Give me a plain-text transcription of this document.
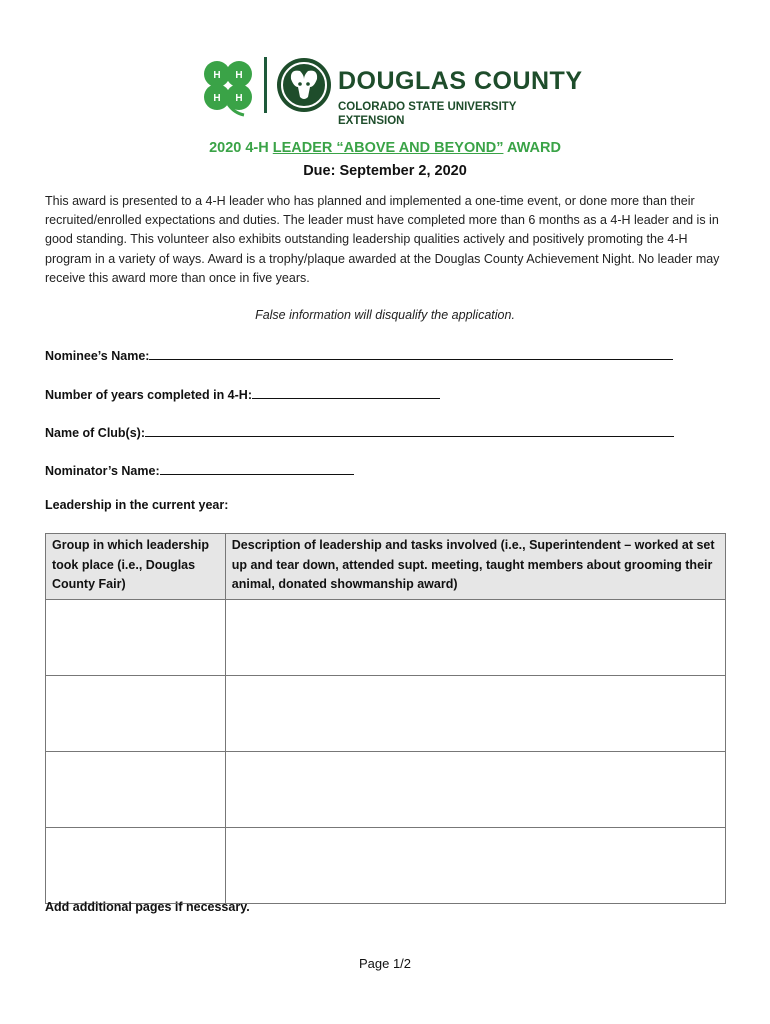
H H
H H
DOUGLAS COUNTY
COLORADO STATE UNIVERSITY
EXTENSION
2020 4-H LEADER “ABOVE AND BEYOND” AWARD
Due: September 2, 2020
This award is presented to a 4-H leader who has planned and implemented a one-time event, or done more than their recruited/enrolled expectations and duties. The leader must have completed more than 6 months as a 4-H leader and is in good standing. This volunteer also exhibits outstanding leadership qualities actively and positively promoting the 4-H program in a variety of ways. Award is a trophy/plaque awarded at the Douglas County Achievement Night. No leader may receive this award more than once in five years.
False information will disqualify the application.
Nominee’s Name:
Number of years completed in 4-H:
Name of Club(s):
Nominator’s Name:
Leadership in the current year:
Group in which leadership took place (i.e., Douglas County Fair)	Description of leadership and tasks involved (i.e., Superintendent – worked at set up and tear down, attended supt. meeting, taught members about grooming their animal, donated showmanship award)

Add additional pages if necessary.
Page 1/2
